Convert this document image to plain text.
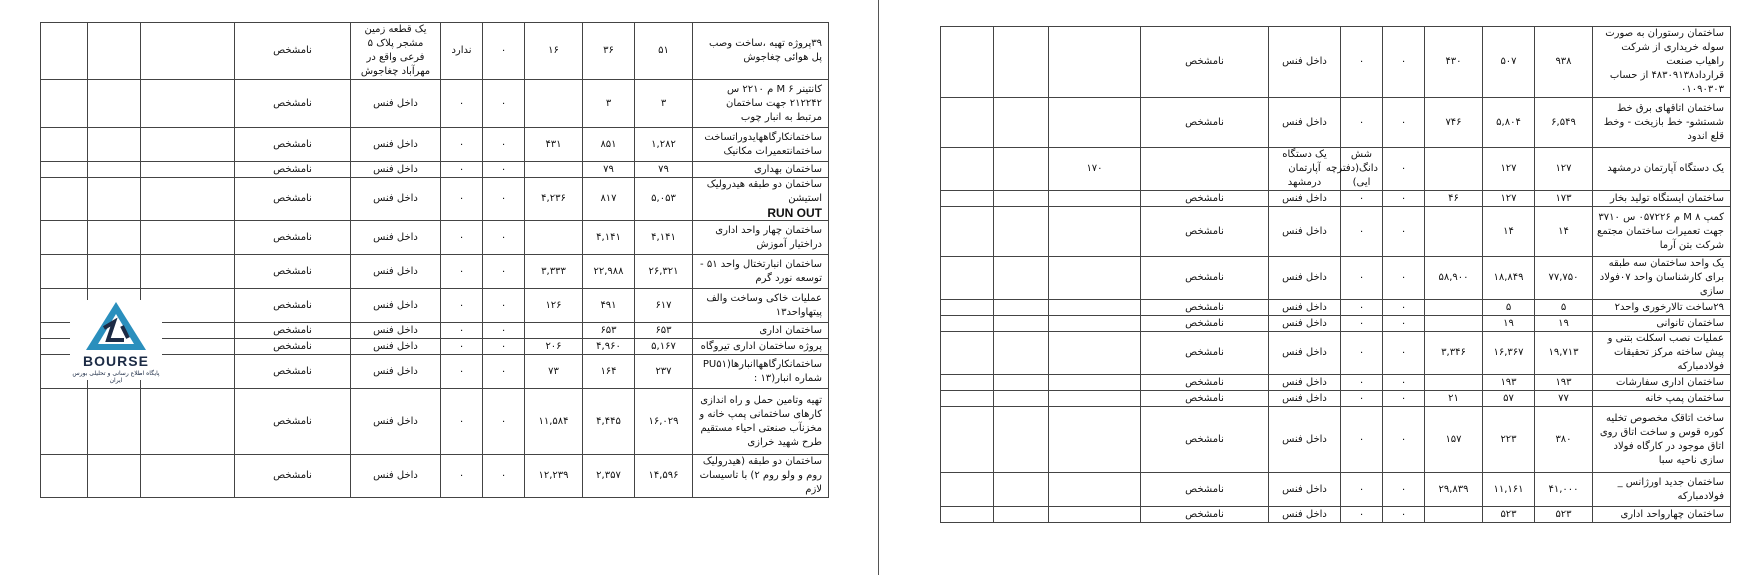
۳۹پروژه تهیه ،ساخت وصب پل هوائی چغاجوش	۵۱	۳۶	۱۶	۰	ندارد	یک قطعه زمین مشجر پلاک ۵ فرعی واقع در مهرآباد چغاجوش	نامشخص			
کانتینر ۶ M م ۲۲۱۰ س ۲۱۲۲۴۲ جهت ساختمان مرتبط به انبار چوب	۳	۳		۰	۰	داخل فنس	نامشخص			
ساختمانکارگاههایدوراتساخت ساختمانتعمیرات مکانیک	۱,۲۸۲	۸۵۱	۴۳۱	۰	۰	داخل فنس	نامشخص			
ساختمان بهداری	۷۹	۷۹		۰	۰	داخل فنس	نامشخص			
ساختمان دو طبقه هیدرولیک استیشن
RUN OUT	۵,۰۵۳	۸۱۷	۴,۲۳۶	۰	۰	داخل فنس	نامشخص			
ساختمان چهار واحد اداری دراختیار آموزش	۴,۱۴۱	۴,۱۴۱		۰	۰	داخل فنس	نامشخص			
ساختمان انبارتختال واحد ۵۱ - توسعه نورد گرم	۲۶,۳۲۱	۲۲,۹۸۸	۳,۳۳۳	۰	۰	داخل فنس	نامشخص			
عملیات خاکی وساخت والف پیتهاواحد۱۳	۶۱۷	۴۹۱	۱۲۶	۰	۰	داخل فنس	نامشخص			
ساختمان اداری	۶۵۳	۶۵۳		۰	۰	داخل فنس	نامشخص			
پروژه ساختمان اداری تیروگاه	۵,۱۶۷	۴,۹۶۰	۲۰۶	۰	۰	داخل فنس	نامشخص			
ساختمانکارگاههاانبارها(PU۵۱ شماره انبار(۱۳ :	۲۳۷	۱۶۴	۷۳	۰	۰	داخل فنس	نامشخص			
تهیه وتامین حمل و راه اندازی کارهای ساختمانی پمپ خانه و مخزنآب صنعتی احیاء مستقیم طرح شهید خرازی	۱۶,۰۲۹	۴,۴۴۵	۱۱,۵۸۴	۰	۰	داخل فنس	نامشخص			
ساختمان دو طبقه (هیدرولیک روم و ولو روم ۲) با تاسیسات لازم	۱۴,۵۹۶	۲,۳۵۷	۱۲,۲۳۹	۰	۰	داخل فنس	نامشخص			
ساختمان رستوران به صورت سوله خریداری از شرکت راهیاب صنعت قرارداد۴۸۳۰۹۱۳۸ از حساب ۰۱۰۹۰۳۰۳	۹۳۸	۵۰۷	۴۳۰	۰	۰	داخل فنس	نامشخص			
ساختمان اتاقهای برق خط شستشو- خط بازیخت - وخط قلع اندود	۶,۵۴۹	۵,۸۰۴	۷۴۶	۰	۰	داخل فنس	نامشخص			
یک دستگاه آپارتمان درمشهد	۱۲۷	۱۲۷		۰	شش دانگ(دفترچه ایی)	یک دستگاه آپارتمان درمشهد		۱۷۰		
ساختمان ایستگاه تولید بخار	۱۷۳	۱۲۷	۴۶	۰	۰	داخل فنس	نامشخص			
کمپ M ۸ م ۰۵۷۲۲۶ س ۳۷۱۰ جهت تعمیرات ساختمان مجتمع شرکت بتن آرما	۱۴	۱۴		۰	۰	داخل فنس	نامشخص			
یک واحد ساختمان سه طبقه برای کارشناسان واحد ۰۷فولاد سازی	۷۷,۷۵۰	۱۸,۸۴۹	۵۸,۹۰۰	۰	۰	داخل فنس	نامشخص			
۲۹ساخت تالارخوری واحد۲	۵	۵		۰	۰	داخل فنس	نامشخص			
ساختمان تانوانی	۱۹	۱۹		۰	۰	داخل فنس	نامشخص			
عملیات نصب اسکلت بتنی و پیش ساخته مرکز تحقیقات فولادمبارکه	۱۹,۷۱۳	۱۶,۳۶۷	۳,۳۴۶	۰	۰	داخل فنس	نامشخص			
ساختمان اداری سفارشات	۱۹۳	۱۹۳		۰	۰	داخل فنس	نامشخص			
ساختمان پمپ خانه	۷۷	۵۷	۲۱	۰	۰	داخل فنس	نامشخص			
ساخت اتاقک مخصوص تخلیه کوره قوس و ساخت اتاق روی اتاق موجود در کارگاه فولاد سازی ناحیه سبا	۳۸۰	۲۲۳	۱۵۷	۰	۰	داخل فنس	نامشخص			
ساختمان جدید اورژانس _ فولادمبارکه	۴۱,۰۰۰	۱۱,۱۶۱	۲۹,۸۳۹	۰	۰	داخل فنس	نامشخص			
ساختمان چهارواحد اداری	۵۲۳	۵۲۳		۰	۰	داخل فنس	نامشخص			
BOURSE
پایگاه اطلاع رسانی و تحلیلی بورس ایران
